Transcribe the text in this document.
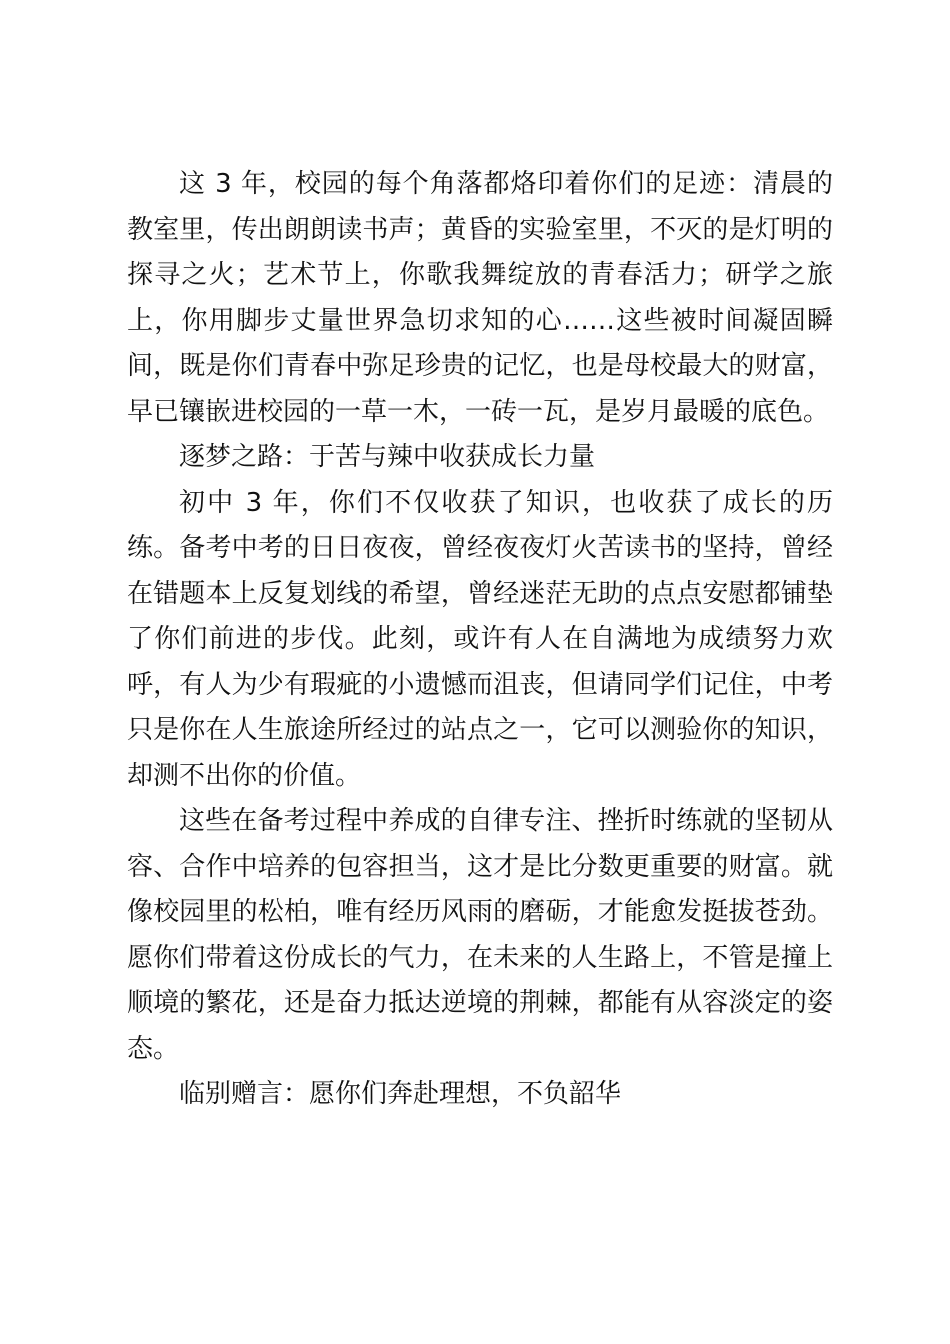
这 3 年，校园的每个角落都烙印着你们的足迹：清晨的教室里，传出朗朗读书声；黄昏的实验室里，不灭的是灯明的探寻之火；艺术节上，你歌我舞绽放的青春活力；研学之旅上，你用脚步丈量世界急切求知的心……这些被时间凝固瞬间，既是你们青春中弥足珍贵的记忆，也是母校最大的财富，早已镶嵌进校园的一草一木，一砖一瓦，是岁月最暖的底色。

逐梦之路：于苦与辣中收获成长力量

初中 3 年，你们不仅收获了知识，也收获了成长的历练。备考中考的日日夜夜，曾经夜夜灯火苦读书的坚持，曾经在错题本上反复划线的希望，曾经迷茫无助的点点安慰都铺垫了你们前进的步伐。此刻，或许有人在自满地为成绩努力欢呼，有人为少有瑕疵的小遗憾而沮丧，但请同学们记住，中考只是你在人生旅途所经过的站点之一，它可以测验你的知识，却测不出你的价值。

这些在备考过程中养成的自律专注、挫折时练就的坚韧从容、合作中培养的包容担当，这才是比分数更重要的财富。就像校园里的松柏，唯有经历风雨的磨砺，才能愈发挺拔苍劲。愿你们带着这份成长的气力，在未来的人生路上，不管是撞上顺境的繁花，还是奋力抵达逆境的荆棘，都能有从容淡定的姿态。

临别赠言：愿你们奔赴理想，不负韶华
